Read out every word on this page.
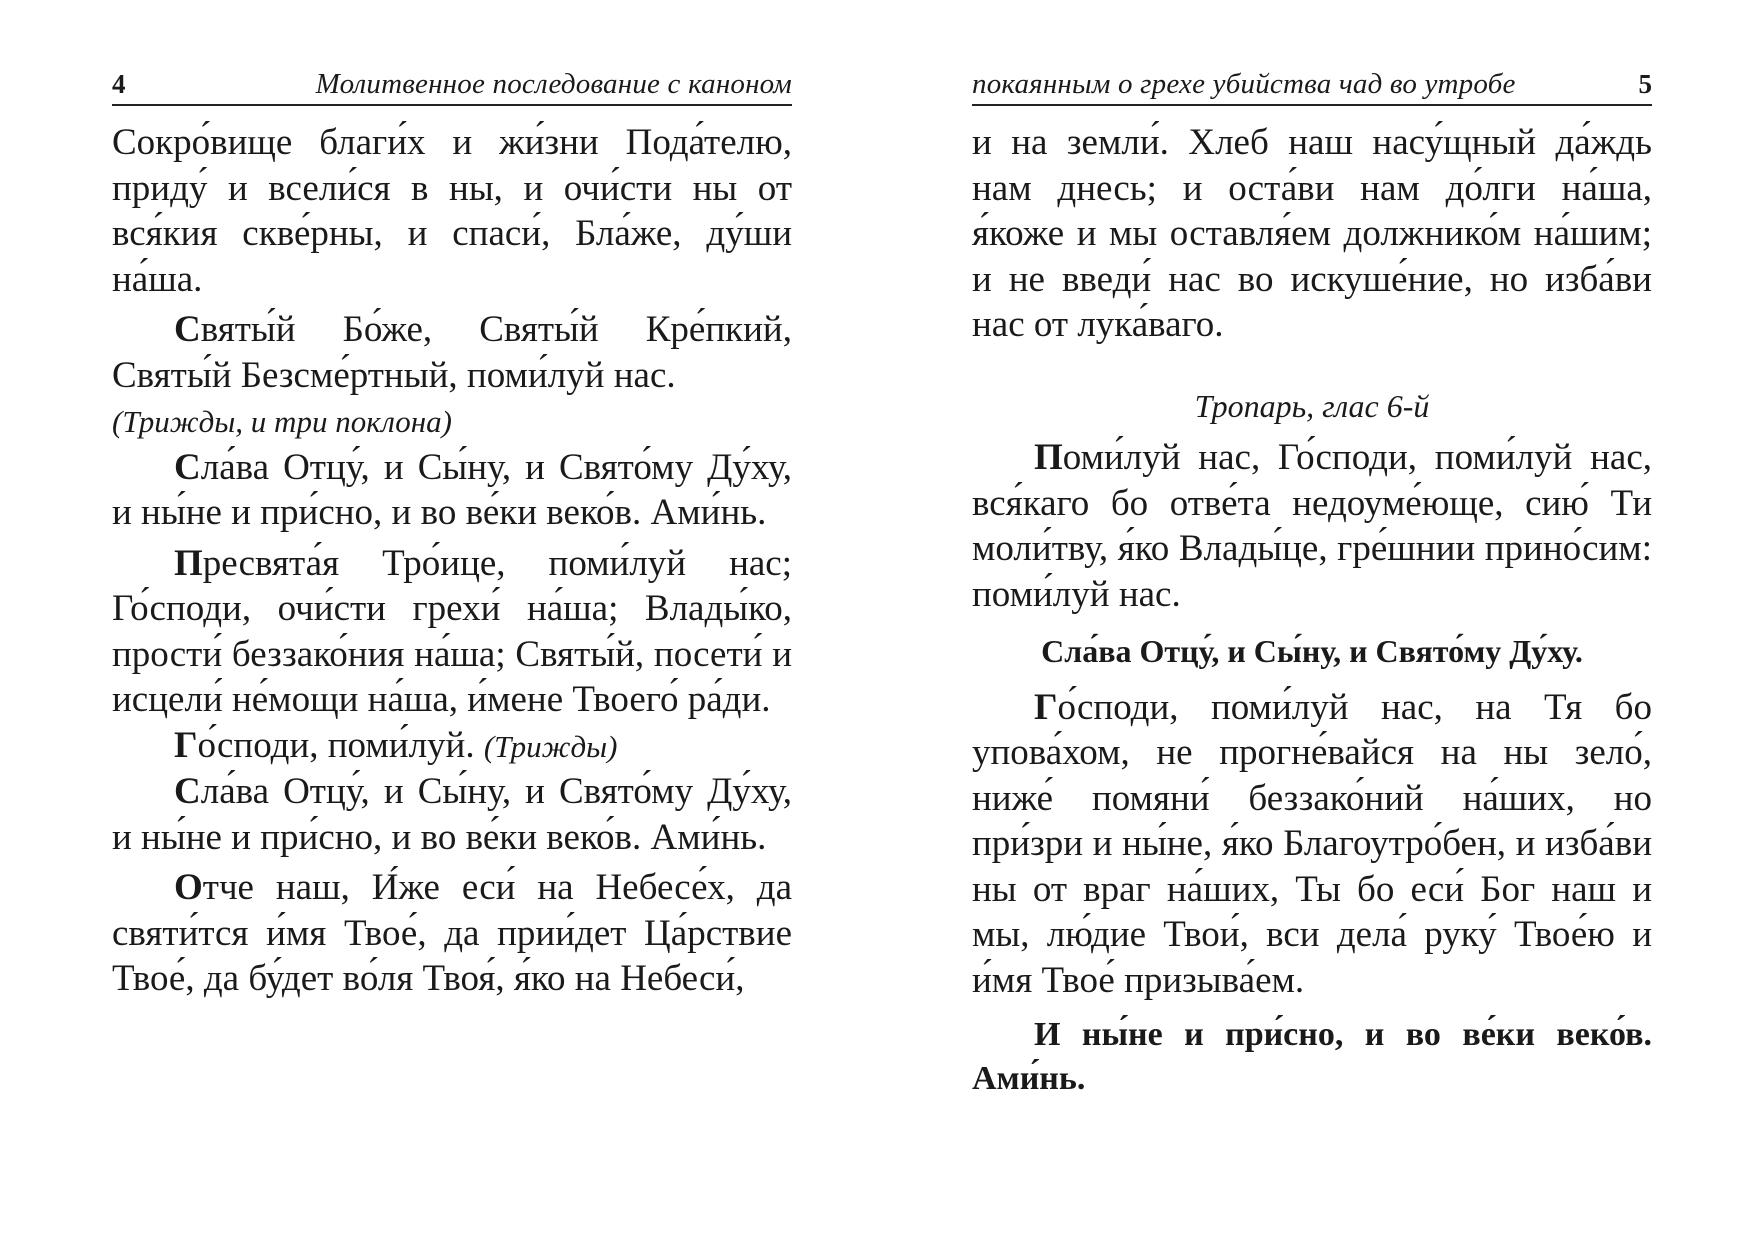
4	Молитвенное последование с каноном

Сокро́вище благи́х и жи́зни Пода́телю, приду́ и всели́ся в ны, и очи́сти ны от вся́кия скве́рны, и спаси́, Бла́же, ду́ши на́ша.

Святы́й Бо́же, Святы́й Кре́пкий, Святы́й Безсме́ртный, поми́луй нас.

(Трижды, и три поклона)

Сла́ва Отцу́, и Сы́ну, и Свято́му Ду́ху, и ны́не и при́сно, и во ве́ки веко́в. Ами́нь.

Пресвята́я Тро́ице, поми́луй нас; Го́споди, очи́сти грехи́ на́ша; Влады́ко, прости́ беззако́ния на́ша; Святы́й, посети́ и исцели́ не́мощи на́ша, и́мене Твоего́ ра́ди.

Го́споди, поми́луй. (Трижды)

Сла́ва Отцу́, и Сы́ну, и Свято́му Ду́ху, и ны́не и при́сно, и во ве́ки веко́в. Ами́нь.

Отче наш, И́же еси́ на Небесе́х, да святи́тся и́мя Твое́, да прии́дет Ца́рствие Твое́, да бу́дет во́ля Твоя́, я́ко на Небеси́,

покаянным о грехе убийства чад во утробе	5

и на земли́. Хлеб наш насу́щный да́ждь нам днесь; и оста́ви нам до́лги на́ша, я́коже и мы оставля́ем должнико́м на́шим; и не введи́ нас во искуше́ние, но изба́ви нас от лука́ваго.

Тропарь, глас 6-й

Поми́луй нас, Го́споди, поми́луй нас, вся́каго бо отве́та недоуме́юще, сию́ Ти моли́тву, я́ко Влады́це, гре́шнии прино́сим: поми́луй нас.

Сла́ва Отцу́, и Сы́ну, и Свято́му Ду́ху.

Го́споди, поми́луй нас, на Тя бо упова́хом, не прогне́вайся на ны зело́, ниже́ помяни́ беззако́ний на́ших, но при́зри и ны́не, я́ко Благоутро́бен, и изба́ви ны от враг на́ших, Ты бо еси́ Бог наш и мы, лю́дие Твои́, вси дела́ руку́ Твое́ю и и́мя Твое́ призыва́ем.

И ны́не и при́сно, и во ве́ки веко́в. Ами́нь.
